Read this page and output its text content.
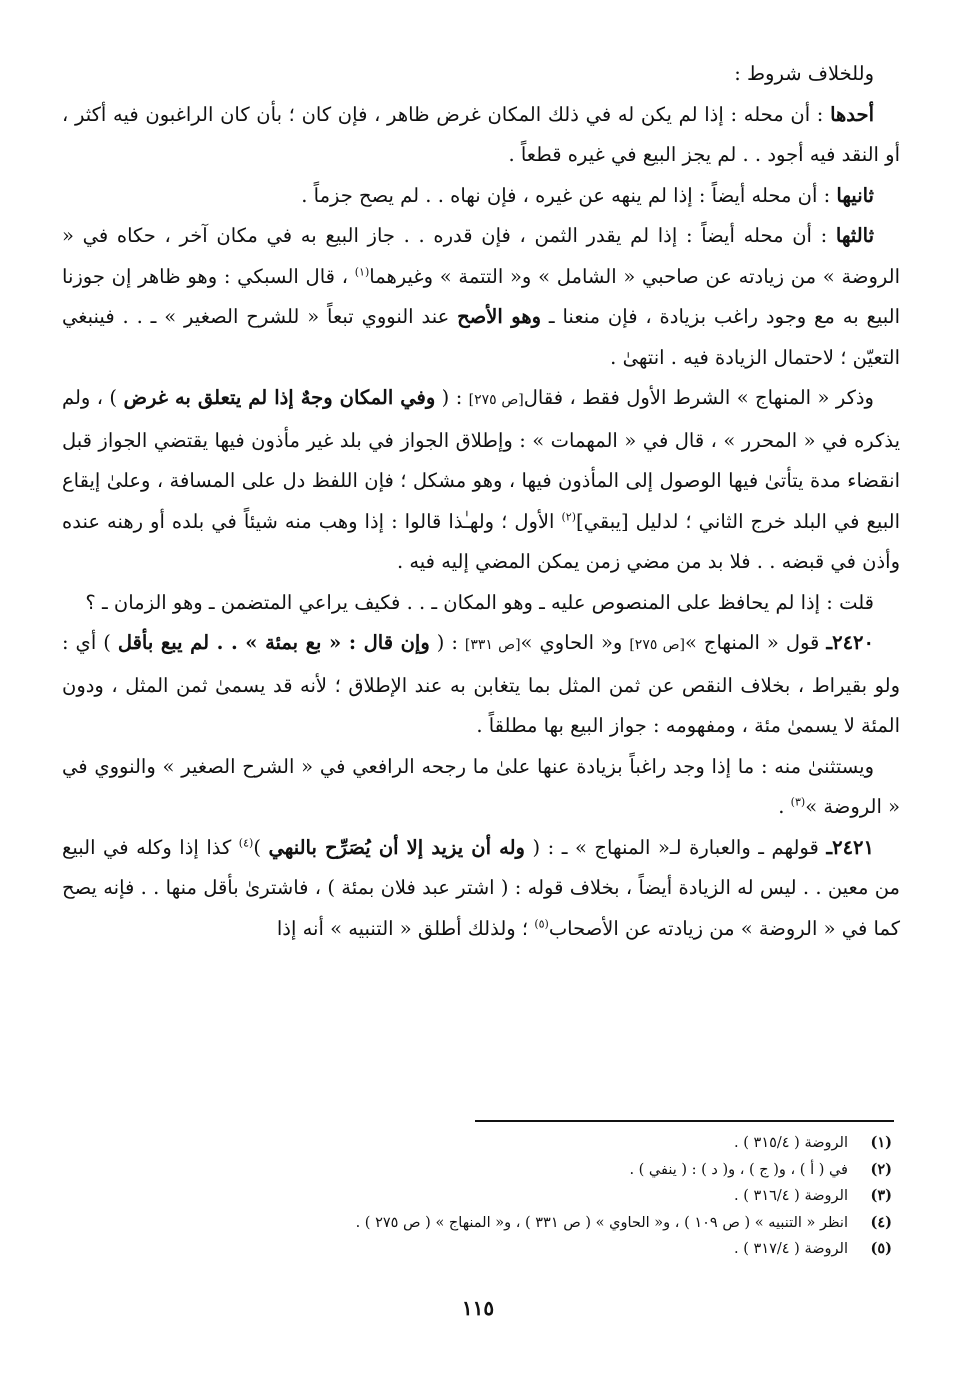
وللخلاف شروط :

أحدها : أن محله : إذا لم يكن له في ذلك المكان غرض ظاهر ، فإن كان ؛ بأن كان الراغبون فيه أكثر ، أو النقد فيه أجود . . لم يجز البيع في غيره قطعاً .

ثانيها : أن محله أيضاً : إذا لم ينهه عن غيره ، فإن نهاه . . لم يصح جزماً .

ثالثها : أن محله أيضاً : إذا لم يقدر الثمن ، فإن قدره . . جاز البيع به في مكان آخر ، حكاه في « الروضة » من زيادته عن صاحبي « الشامل » و« التتمة » وغيرهما$^{(١)}$ ، قال السبكي : وهو ظاهر إن جوزنا البيع به مع وجود راغب بزيادة ، فإن منعنا ـ وهو الأصح عند النووي تبعاً « للشرح الصغير » ـ . . فينبغي التعيّن ؛ لاحتمال الزيادة فيه . انتهىٰ .

وذكر « المنهاج » الشرط الأول فقط ، فقال[ص ٢٧٥] : ( وفي المكان وجهٌ إذا لم يتعلق به غرض ) ، ولم يذكره في « المحرر » ، قال في « المهمات » : وإطلاق الجواز في بلد غير مأذون فيها يقتضي الجواز قبل انقضاء مدة يتأتىٰ فيها الوصول إلى المأذون فيها ، وهو مشكل ؛ فإن اللفظ دل على المسافة ، وعلىٰ إيقاع البيع في البلد خرج الثاني ؛ لدليل [يبقي]$^{(٢)}$ الأول ؛ ولهـٰذا قالوا : إذا وهب منه شيئاً في بلده أو رهنه عنده وأذن في قبضه . . فلا بد من مضي زمن يمكن المضي إليه فيه .

قلت : إذا لم يحافظ على المنصوص عليه ـ وهو المكان ـ . . فكيف يراعي المتضمن ـ وهو الزمان ـ ؟

٢٤٢٠ـ قول « المنهاج »[ص ٢٧٥] و« الحاوي »[ص ٣٣١] : ( وإن قال : « بع بمئة » . . لم يبع بأقل ) أي : ولو بقيراط ، بخلاف النقص عن ثمن المثل بما يتغابن به عند الإطلاق ؛ لأنه قد يسمىٰ ثمن المثل ، ودون المئة لا يسمىٰ مئة ، ومفهومه : جواز البيع بها مطلقاً .

ويستثنىٰ منه : ما إذا وجد راغباً بزيادة عنها علىٰ ما رجحه الرافعي في « الشرح الصغير » والنووي في « الروضة »$^{(٣)}$ .

٢٤٢١ـ قولهم ـ والعبارة لـ« المنهاج » ـ : ( وله أن يزيد إلا أن يُصَرِّح بالنهي )$^{(٤)}$ كذا إذا وكله في البيع من معين . . ليس له الزيادة أيضاً ، بخلاف قوله : ( اشتر عبد فلان بمئة ) ، فاشترىٰ بأقل منها . . فإنه يصح كما في « الروضة » من زيادته عن الأصحاب$^{(٥)}$ ؛ ولذلك أطلق « التنبيه » أنه إذا

(١)
الروضة ( ٣١٥/٤ ) .
(٢)
في ( أ ) ، و( ج ) ، و( د ) : ( ينفي ) .
(٣)
الروضة ( ٣١٦/٤ ) .
(٤)
انظر « التنبيه » ( ص ١٠٩ ) ، و« الحاوي » ( ص ٣٣١ ) ، و« المنهاج » ( ص ٢٧٥ ) .
(٥)
الروضة ( ٣١٧/٤ ) .
١١٥
